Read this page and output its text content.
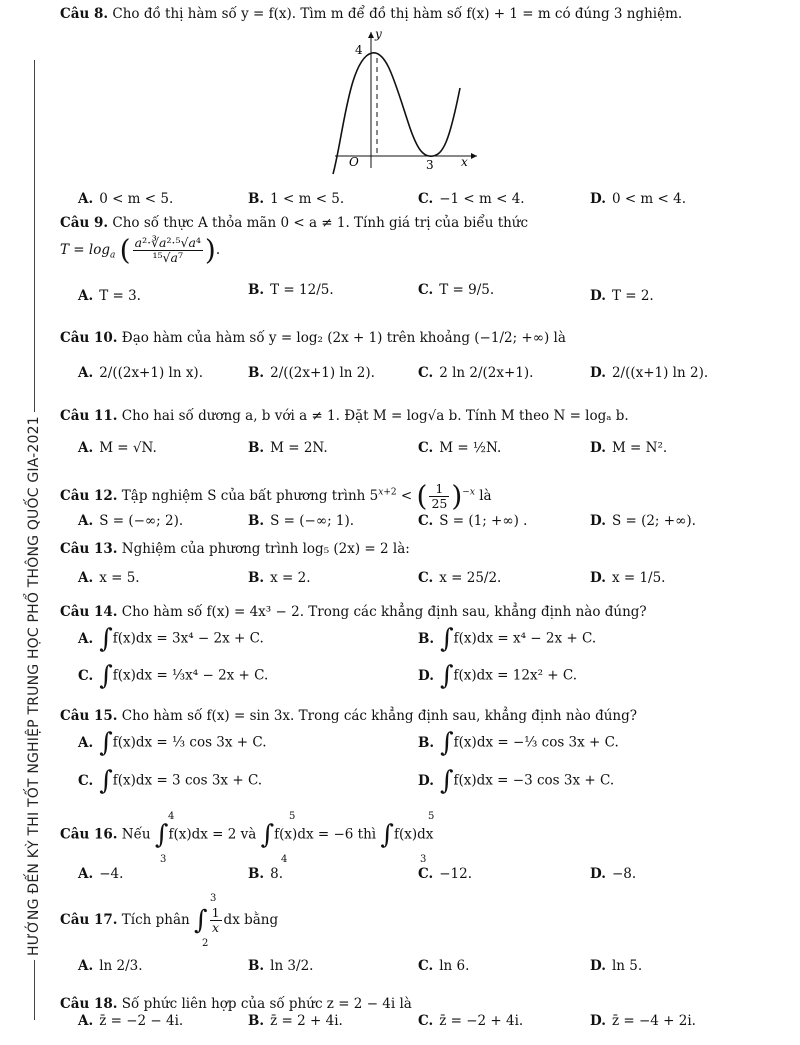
HƯỚNG ĐẾN KỲ THI TỐT NGHIỆP TRUNG HỌC PHỔ THÔNG QUỐC GIA-2021
Câu 8. Cho đồ thị hàm số y = f(x). Tìm m để đồ thị hàm số f(x) + 1 = m có đúng 3 nghiệm.
y
x
O
4
3
A. 0 < m < 5.	B. 1 < m < 5.	C. −1 < m < 4.	D. 0 < m < 4.
Câu 9. Cho số thực A thỏa mãn 0 < a ≠ 1. Tính giá trị của biểu thức
$T = \log_a$ ( $\frac{\text{a²·∛a²·⁵√a⁴}}{\text{¹⁵√a⁷}}$ ).
A. T = 3.	B. T = 12/5.	C. T = 9/5.	D. T = 2.
Câu 10. Đạo hàm của hàm số y = log₂ (2x + 1) trên khoảng (−1/2; +∞) là
A. 2/((2x+1) ln x).	B. 2/((2x+1) ln 2).	C. 2 ln 2/(2x+1).	D. 2/((x+1) ln 2).
Câu 11. Cho hai số dương a, b với a ≠ 1. Đặt M = log√a b. Tính M theo N = logₐ b.
A. M = √N.	B. M = 2N.	C. M = ½N.	D. M = N².
Câu 12. Tập nghiệm S của bất phương trình $5^{x+2}$ < ( $\frac{1}{25} )^{-x}$ là
A. S = (−∞; 2).	B. S = (−∞; 1).	C. S = (1; +∞) .	D. S = (2; +∞).
Câu 13. Nghiệm của phương trình log₅ (2x) = 2 là:
A. x = 5.	B. x = 2.	C. x = 25/2.	D. x = 1/5.
Câu 14. Cho hàm số f(x) = 4x³ − 2. Trong các khẳng định sau, khẳng định nào đúng?
A. ∫f(x)dx = 3x⁴ − 2x + C.	B. ∫f(x)dx = x⁴ − 2x + C.
C. ∫f(x)dx = ⅓x⁴ − 2x + C.	D. ∫f(x)dx = 12x² + C.
Câu 15. Cho hàm số f(x) = sin 3x. Trong các khẳng định sau, khẳng định nào đúng?
A. ∫f(x)dx = ⅓ cos 3x + C.	B. ∫f(x)dx = −⅓ cos 3x + C.
C. ∫f(x)dx = 3 cos 3x + C.	D. ∫f(x)dx = −3 cos 3x + C.
Câu 16. Nếu ∫f(x)dx = 2 và ∫f(x)dx = −6 thì ∫f(x)dx
4
3
5
4
5
3
A. −4.	B. 8.	C. −12.	D. −8.
Câu 17. Tích phân ∫ $\frac{1}{x}$ dx bằng
3
2
A. ln 2/3.	B. ln 3/2.	C. ln 6.	D. ln 5.
Câu 18. Số phức liên hợp của số phức z = 2 − 4i là
A. z̄ = −2 − 4i.	B. z̄ = 2 + 4i.	C. z̄ = −2 + 4i.	D. z̄ = −4 + 2i.
